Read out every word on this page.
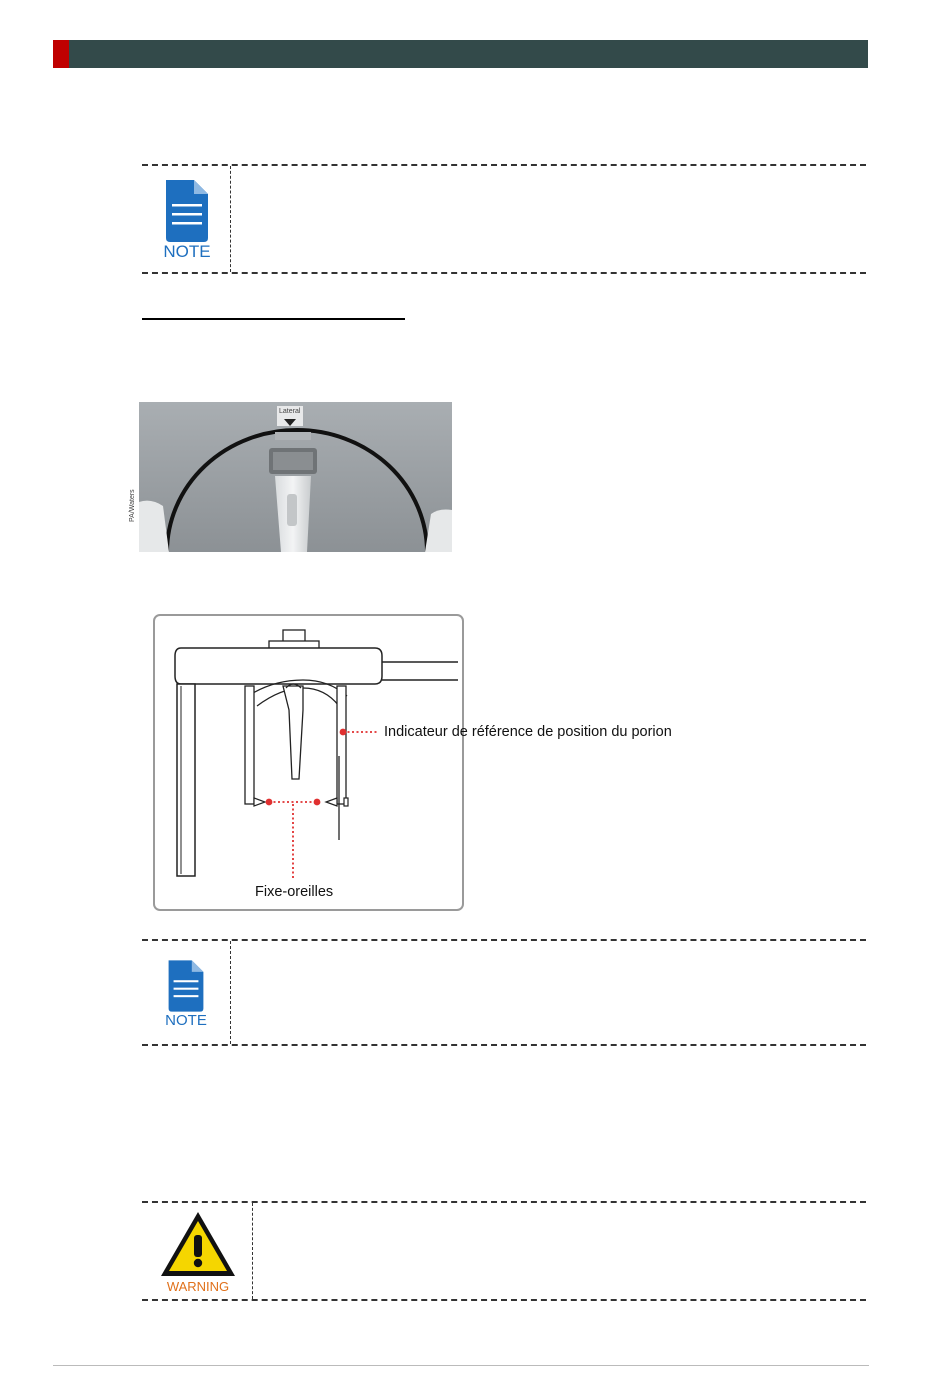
NOTE
Lateral
PA/Waters
Indicateur de référence de position du porion
Fixe-oreilles
NOTE
WARNING
